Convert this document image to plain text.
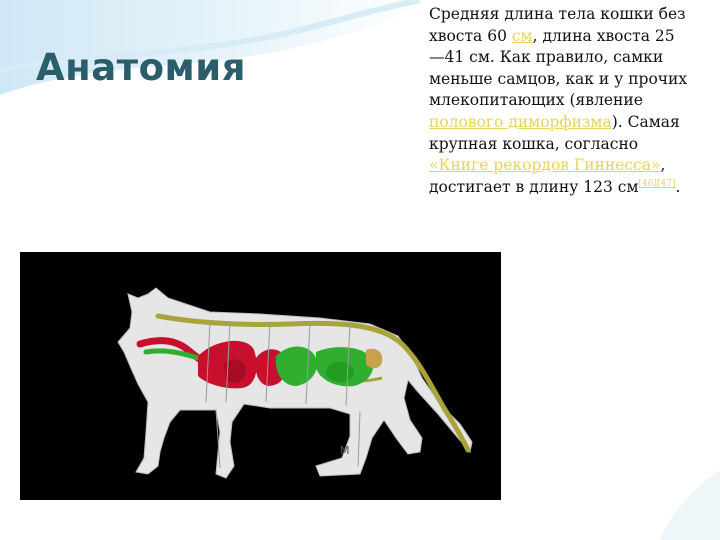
Анатомия
Средняя длина тела кошки без хвоста 60 см, длина хвоста 25—41 см. Как правило, самки меньше самцов, как и у прочих млекопитающих (явление полового диморфизма). Самая крупная кошка, согласно «Книге рекордов Гиннесса», достигает в длину 123 см[46][47].
M
